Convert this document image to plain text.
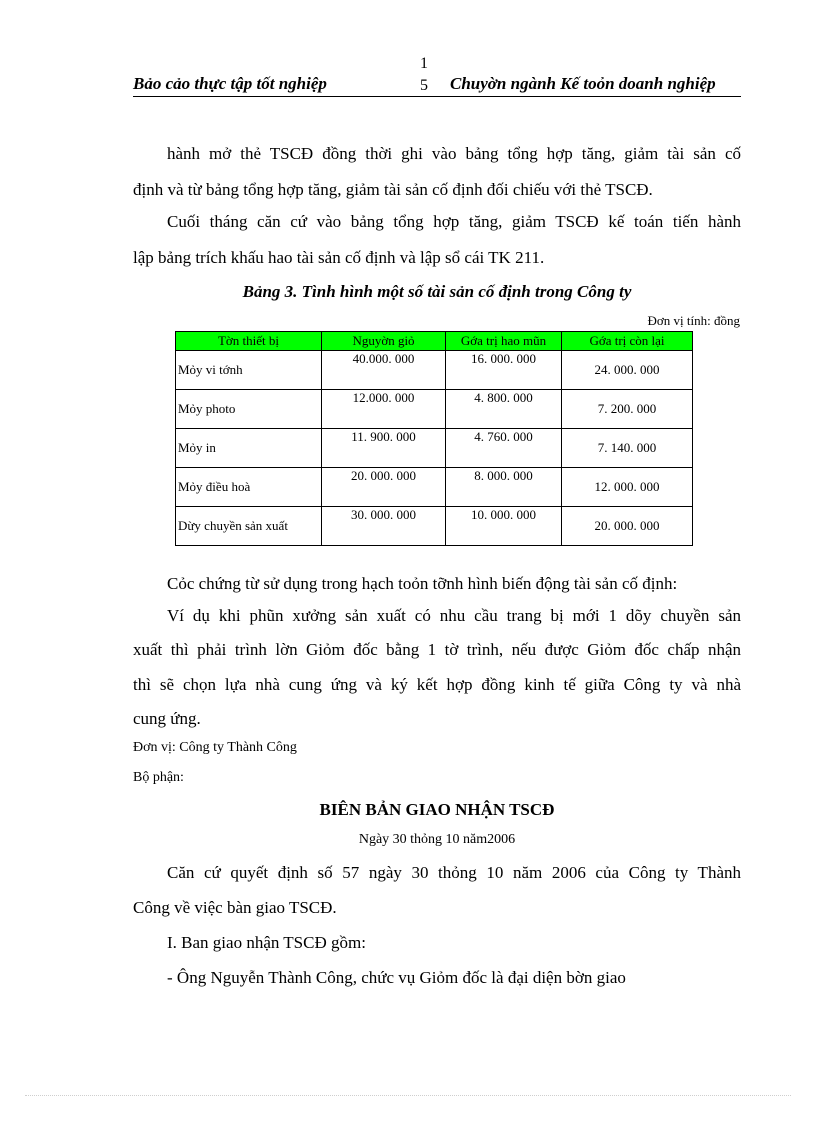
Bảo cảo thực tập tốt nghiệp
1
5 Chuyờn ngành Kế toỏn doanh nghiệp
hành mở thẻ TSCĐ đồng thời ghi vào bảng tổng hợp tăng, giảm tài sản cố
định và từ bảng tổng hợp tăng, giảm tài sản cố định đối chiếu với thẻ TSCĐ.
Cuối tháng căn cứ vào bảng tổng hợp tăng, giảm TSCĐ kế toán tiến hành
lập bảng trích khấu hao tài sản cố định và lập sổ cái TK 211.
Bảng 3. Tình hình một số tài sản cố định trong Công ty
Đơn vị tính: đồng
Tờn thiết bị	Nguyờn giỏ	Gớa trị hao mũn	Gớa trị còn lại
Mỏy vi tớnh	40.000. 000	16. 000. 000	24. 000. 000
Mỏy photo	12.000. 000	4. 800. 000	7. 200. 000
Mỏy in	11. 900. 000	4. 760. 000	7. 140. 000
Mỏy điều hoà	20. 000. 000	8. 000. 000	12. 000. 000
Dừy chuyền sản xuất	30. 000. 000	10. 000. 000	20. 000. 000
Cỏc chứng từ sử dụng trong hạch toỏn tỡnh hình biến động tài sản cố định:
Ví dụ khi phũn xưởng sản xuất có nhu cầu trang bị mới 1 dõy chuyền sản
xuất thì phải trình lờn Giỏm đốc bằng 1 tờ trình, nếu được Giỏm đốc chấp nhận
thì sẽ chọn lựa nhà cung ứng và ký kết hợp đồng kinh tế giữa Công ty và nhà
cung ứng.
Đơn vị: Công ty Thành Công
Bộ phận:
BIÊN BẢN GIAO NHẬN TSCĐ
Ngày 30 thỏng 10 năm2006
Căn cứ quyết định số 57 ngày 30 thỏng 10 năm 2006 của Công ty Thành
Công về việc bàn giao TSCĐ.
I. Ban giao nhận TSCĐ gồm:
- Ông Nguyễn Thành Công, chức vụ Giỏm đốc là đại diện bờn giao
